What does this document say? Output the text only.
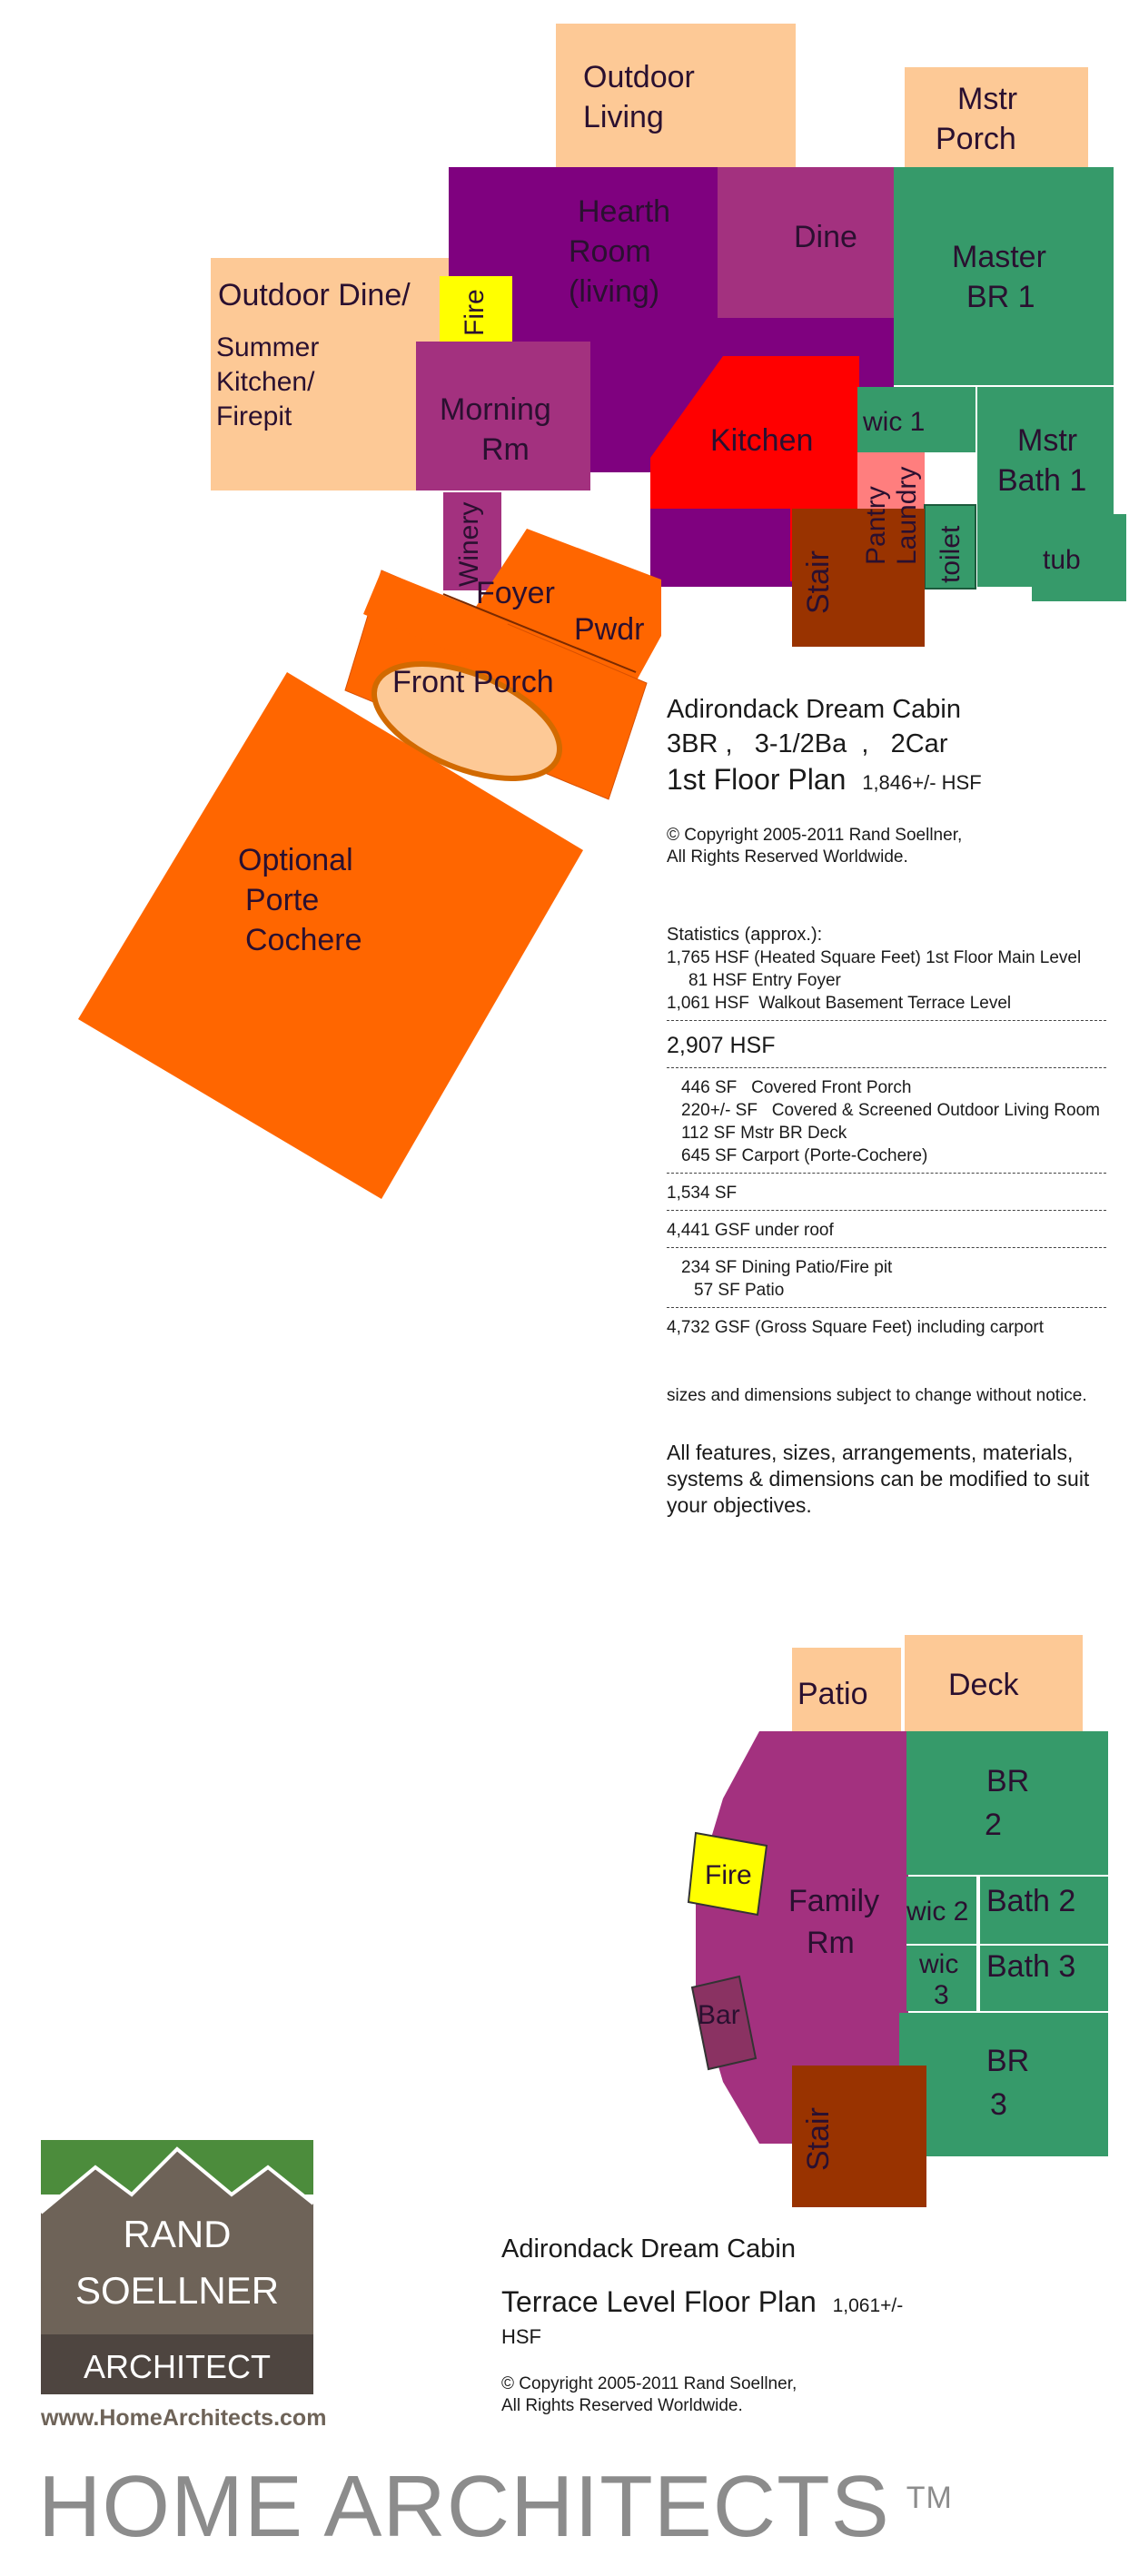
Outdoor Living
Mstr Porch
Hearth Room (living)
Dine
Master BR 1
Outdoor Dine/
Summer Kitchen/ Firepit
Fire
Morning Rm	Kitchen
wic 1
Mstr Bath 1
Pantry Laundry toilet	tub
Winery	Stair
Foyer
Pwdr
Front Porch
Optional Porte Cochere
Patio	Deck
BR 2
Fire
Family Rm
wic 2 Bath 2
wic 3
Bath 3
Bar
BR 3
Stair

Adirondack Dream Cabin

3BR ,   3-1/2Ba  ,   2Car

1st Floor Plan 1,846+/- HSF

© Copyright 2005-2011 Rand Soellner,

All Rights Reserved Worldwide.

Statistics (approx.):

1,765 HSF (Heated Square Feet) 1st Floor Main Level

81 HSF Entry Foyer

1,061 HSF  Walkout Basement Terrace Level

2,907 HSF

446 SF   Covered Front Porch

220+/- SF   Covered & Screened Outdoor Living Room

112 SF Mstr BR Deck

645 SF Carport (Porte-Cochere)

1,534 SF

4,441 GSF under roof

234 SF Dining Patio/Fire pit

57 SF Patio

4,732 GSF (Gross Square Feet) including carport

sizes and dimensions subject to change without notice.

All features, sizes, arrangements, materials, systems & dimensions can be modified to suit your objectives.

Adirondack Dream Cabin

Terrace Level Floor Plan 1,061+/-

HSF

© Copyright 2005-2011 Rand Soellner,

All Rights Reserved Worldwide.

RAND
SOELLNER
ARCHITECT
www.HomeArchitects.com
HOME ARCHITECTS ™
